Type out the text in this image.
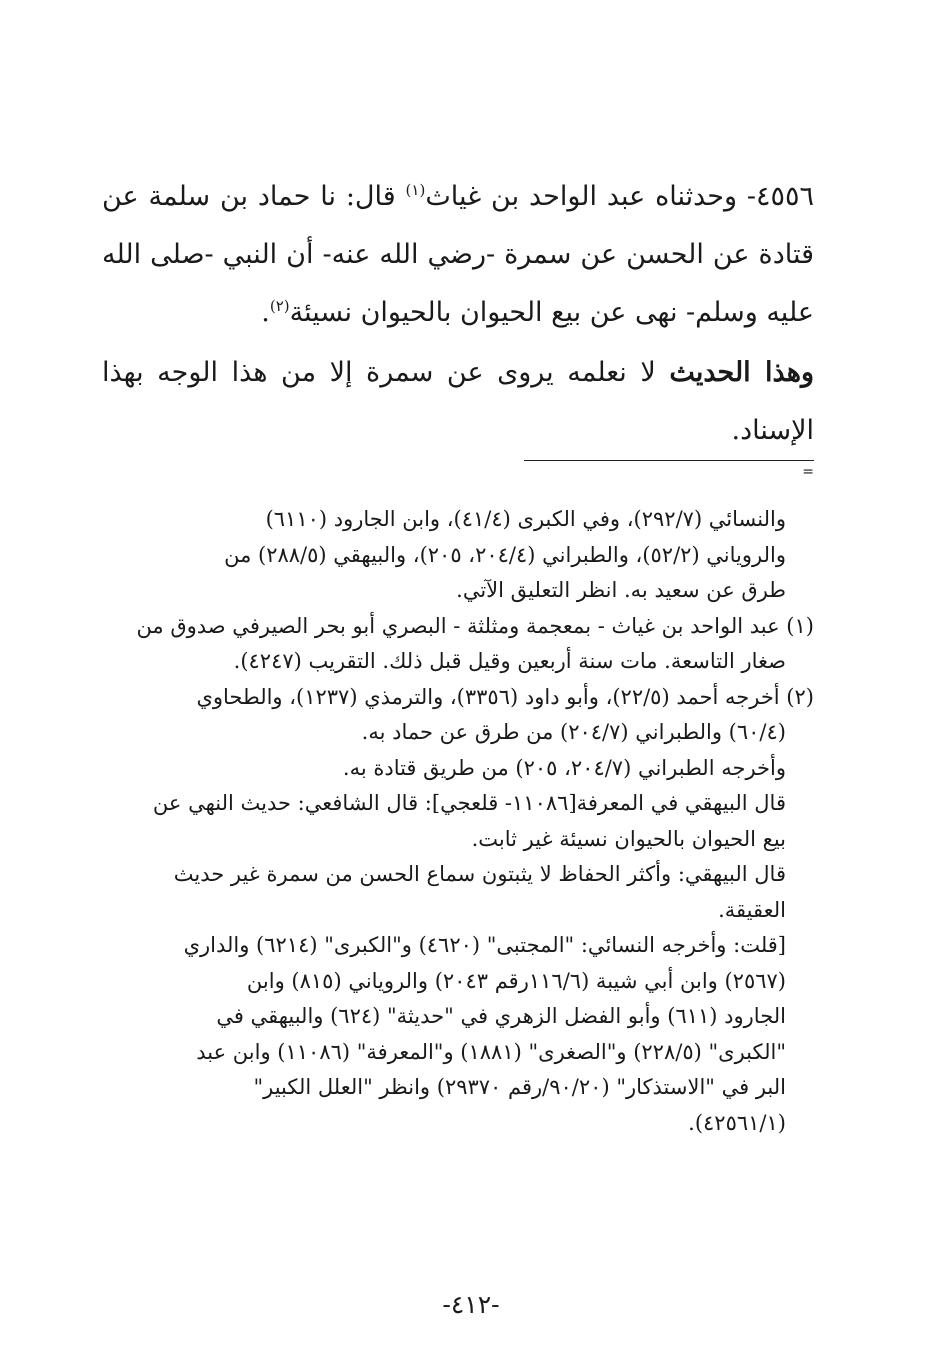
٤٥٥٦- وحدثناه عبد الواحد بن غياث$^{(١)}$ قال: نا حماد بن سلمة عن قتادة عن الحسن عن سمرة -رضي الله عنه- أن النبي -صلى الله عليه وسلم- نهى عن بيع الحيوان بالحيوان نسيئة$^{(٢)}$.

وهذا الحديث لا نعلمه يروى عن سمرة إلا من هذا الوجه بهذا الإسناد.

=

والنسائي (٢٩٢/٧)، وفي الكبرى (٤١/٤)، وابن الجارود (٦١١٠)

والروياني (٥٢/٢)، والطبراني (٢٠٤/٤، ٢٠٥)، والبيهقي (٢٨٨/٥) من

طرق عن سعيد به. انظر التعليق الآتي.

(١) عبد الواحد بن غياث - بمعجمة ومثلثة - البصري أبو بحر الصيرفي صدوق من

صغار التاسعة. مات سنة أربعين وقيل قبل ذلك. التقريب (٤٢٤٧).

(٢) أخرجه أحمد (٢٢/٥)، وأبو داود (٣٣٥٦)، والترمذي (١٢٣٧)، والطحاوي

(٦٠/٤) والطبراني (٢٠٤/٧) من طرق عن حماد به.

وأخرجه الطبراني (٢٠٤/٧، ٢٠٥) من طريق قتادة به.

قال البيهقي في المعرفة[١١٠٨٦- قلعجي]: قال الشافعي: حديث النهي عن

بيع الحيوان بالحيوان نسيئة غير ثابت.

قال البيهقي: وأكثر الحفاظ لا يثبتون سماع الحسن من سمرة غير حديث

العقيقة.

[قلت: وأخرجه النسائي: "المجتبى" (٤٦٢٠) و"الكبرى" (٦٢١٤) والداري

(٢٥٦٧) وابن أبي شيبة (١١٦/٦رقم ٢٠٤٣) والروياني (٨١٥) وابن

الجارود (٦١١) وأبو الفضل الزهري في "حديثة" (٦٢٤) والبيهقي في

"الكبرى" (٢٢٨/٥) و"الصغرى" (١٨٨١) و"المعرفة" (١١٠٨٦) وابن عبد

البر في "الاستذكار" (٩٠/٢٠/رقم ٢٩٣٧٠) وانظر "العلل الكبير"

(٤٢٥٦١/١).

-٤١٢-
